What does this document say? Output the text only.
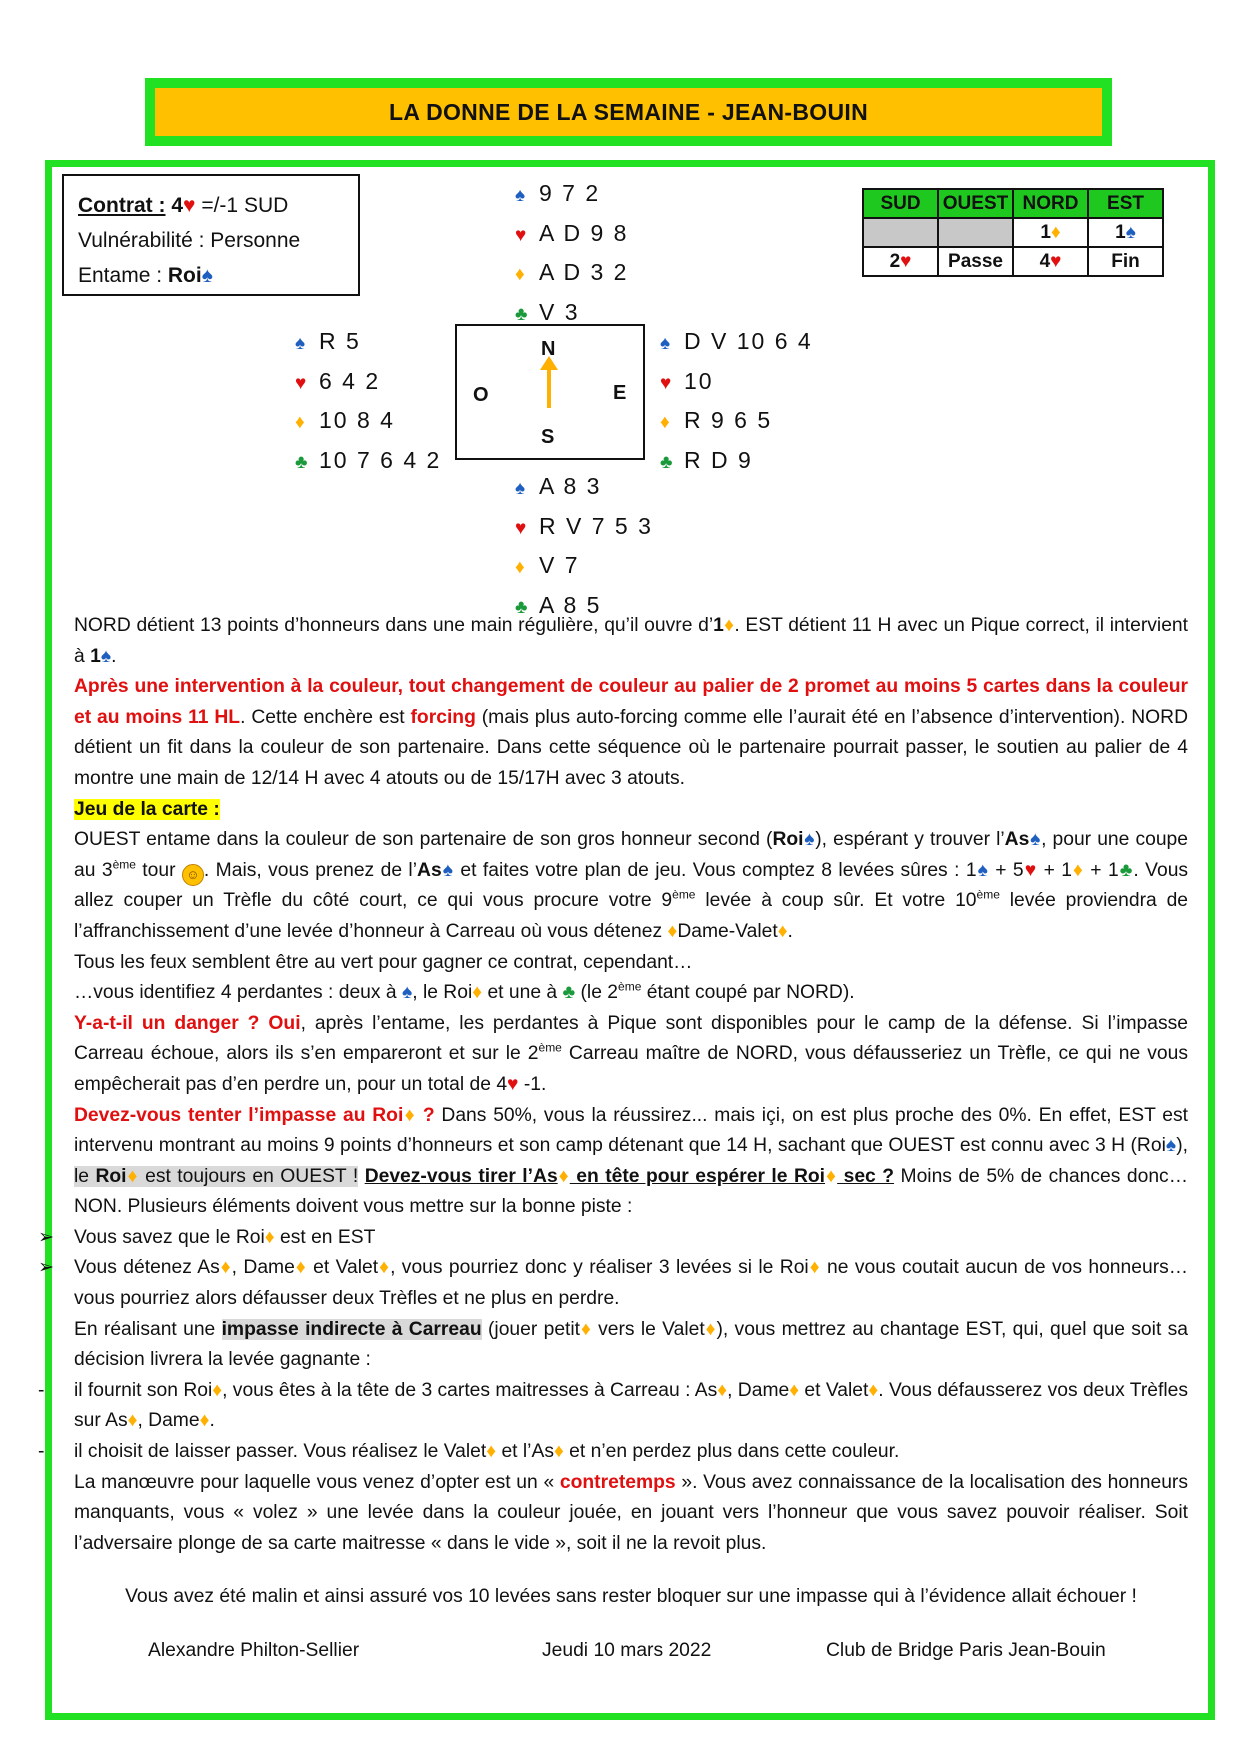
LA DONNE DE LA SEMAINE - JEAN-BOUIN
Contrat : 4♥ =/-1 SUD
Vulnérabilité : Personne
Entame : Roi♠
♠ 9 7 2
♥ A D 9 8
♦ A D 3 2
♣ V 3
♠ R 5
♥ 6 4 2
♦ 10 8 4
♣ 10 7 6 4 2
N
S
O	E
♠ D V 10 6 4
♥ 10
♦ R 9 6 5
♣ R D 9
♠ A 8 3
♥ R V 7 5 3
♦ V 7
♣ A 8 5
SUD	OUEST	NORD	EST
		1♦	1♠
2♥	Passe	4♥	Fin

NORD détient 13 points d’honneurs dans une main régulière, qu’il ouvre d’1♦. EST détient 11 H avec un Pique correct, il intervient à 1♠.

Après une intervention à la couleur, tout changement de couleur au palier de 2 promet au moins 5 cartes dans la couleur et au moins 11 HL. Cette enchère est forcing (mais plus auto-forcing comme elle l’aurait été en l’absence d’intervention). NORD détient un fit dans la couleur de son partenaire. Dans cette séquence où le partenaire pourrait passer, le soutien au palier de 4 montre une main de 12/14 H avec 4 atouts ou de 15/17H avec 3 atouts.

Jeu de la carte :

OUEST entame dans la couleur de son partenaire de son gros honneur second (Roi♠), espérant y trouver l’As♠, pour une coupe au 3ème tour ☺ . Mais, vous prenez de l’As♠ et faites votre plan de jeu. Vous comptez 8 levées sûres : 1♠ + 5♥ + 1♦ + 1♣. Vous allez couper un Trèfle du côté court, ce qui vous procure votre 9ème levée à coup sûr. Et votre 10ème levée proviendra de l’affranchissement d’une levée d’honneur à Carreau où vous détenez ♦Dame-Valet♦.

Tous les feux semblent être au vert pour gagner ce contrat, cependant…

…vous identifiez 4 perdantes : deux à ♠, le Roi♦ et une à ♣ (le 2ème étant coupé par NORD).

Y-a-t-il un danger ? Oui, après l’entame, les perdantes à Pique sont disponibles pour le camp de la défense. Si l’impasse Carreau échoue, alors ils s’en empareront et sur le 2ème Carreau maître de NORD, vous défausseriez un Trèfle, ce qui ne vous empêcherait pas d’en perdre un, pour un total de 4♥ -1.

Devez-vous tenter l’impasse au Roi♦ ? Dans 50%, vous la réussirez... mais içi, on est plus proche des 0%. En effet, EST est intervenu montrant au moins 9 points d’honneurs et son camp détenant que 14 H, sachant que OUEST est connu avec 3 H (Roi♠), le Roi♦ est toujours en OUEST ! Devez-vous tirer l’As♦ en tête pour espérer le Roi♦ sec ? Moins de 5% de chances donc… NON. Plusieurs éléments doivent vous mettre sur la bonne piste :

➢ Vous savez que le Roi♦ est en EST

➢ Vous détenez As♦, Dame♦ et Valet♦, vous pourriez donc y réaliser 3 levées si le Roi♦ ne vous coutait aucun de vos honneurs… vous pourriez alors défausser deux Trèfles et ne plus en perdre.

En réalisant une impasse indirecte à Carreau (jouer petit♦ vers le Valet♦), vous mettrez au chantage EST, qui, quel que soit sa décision livrera la levée gagnante :

- il fournit son Roi♦, vous êtes à la tête de 3 cartes maitresses à Carreau : As♦, Dame♦ et Valet♦. Vous défausserez vos deux Trèfles sur As♦, Dame♦.

- il choisit de laisser passer. Vous réalisez le Valet♦ et l’As♦ et n’en perdez plus dans cette couleur.

La manœuvre pour laquelle vous venez d’opter est un « contretemps ». Vous avez connaissance de la localisation des honneurs manquants, vous « volez » une levée dans la couleur jouée, en jouant vers l’honneur que vous savez pouvoir réaliser. Soit l’adversaire plonge de sa carte maitresse « dans le vide », soit il ne la revoit plus.

Vous avez été malin et ainsi assuré vos 10 levées sans rester bloquer sur une impasse qui à l’évidence allait échouer !
Alexandre Philton-Sellier	Jeudi 10 mars 2022	Club de Bridge Paris Jean-Bouin
